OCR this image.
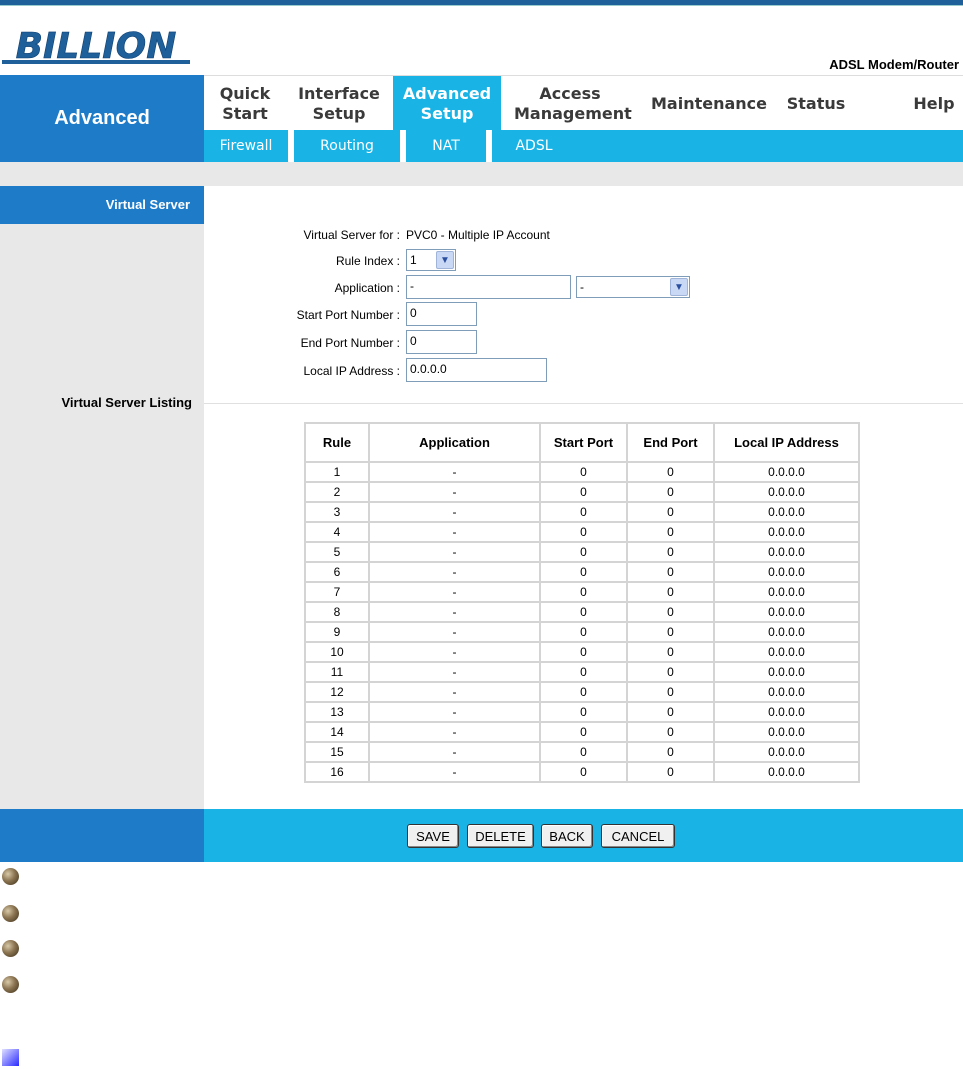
BILLION	ADSL Modem/Router
Advanced
Quick Start
Interface Setup
Advanced Setup
Access Management
Maintenance Status	Help
Firewall	Routing	NAT	ADSL
Virtual Server
Virtual Server Listing
Virtual Server for : PVC0 - Multiple IP Account
Rule Index : 1	▼
Application : -	-	▼
Start Port Number : 0
End Port Number : 0
Local IP Address : 0.0.0.0
Rule	Application	Start Port	End Port	Local IP Address
1	-	0	0	0.0.0.0
2	-	0	0	0.0.0.0
3	-	0	0	0.0.0.0
4	-	0	0	0.0.0.0
5	-	0	0	0.0.0.0
6	-	0	0	0.0.0.0
7	-	0	0	0.0.0.0
8	-	0	0	0.0.0.0
9	-	0	0	0.0.0.0
10	-	0	0	0.0.0.0
11	-	0	0	0.0.0.0
12	-	0	0	0.0.0.0
13	-	0	0	0.0.0.0
14	-	0	0	0.0.0.0
15	-	0	0	0.0.0.0
16	-	0	0	0.0.0.0
SAVE	DELETE	BACK	CANCEL
